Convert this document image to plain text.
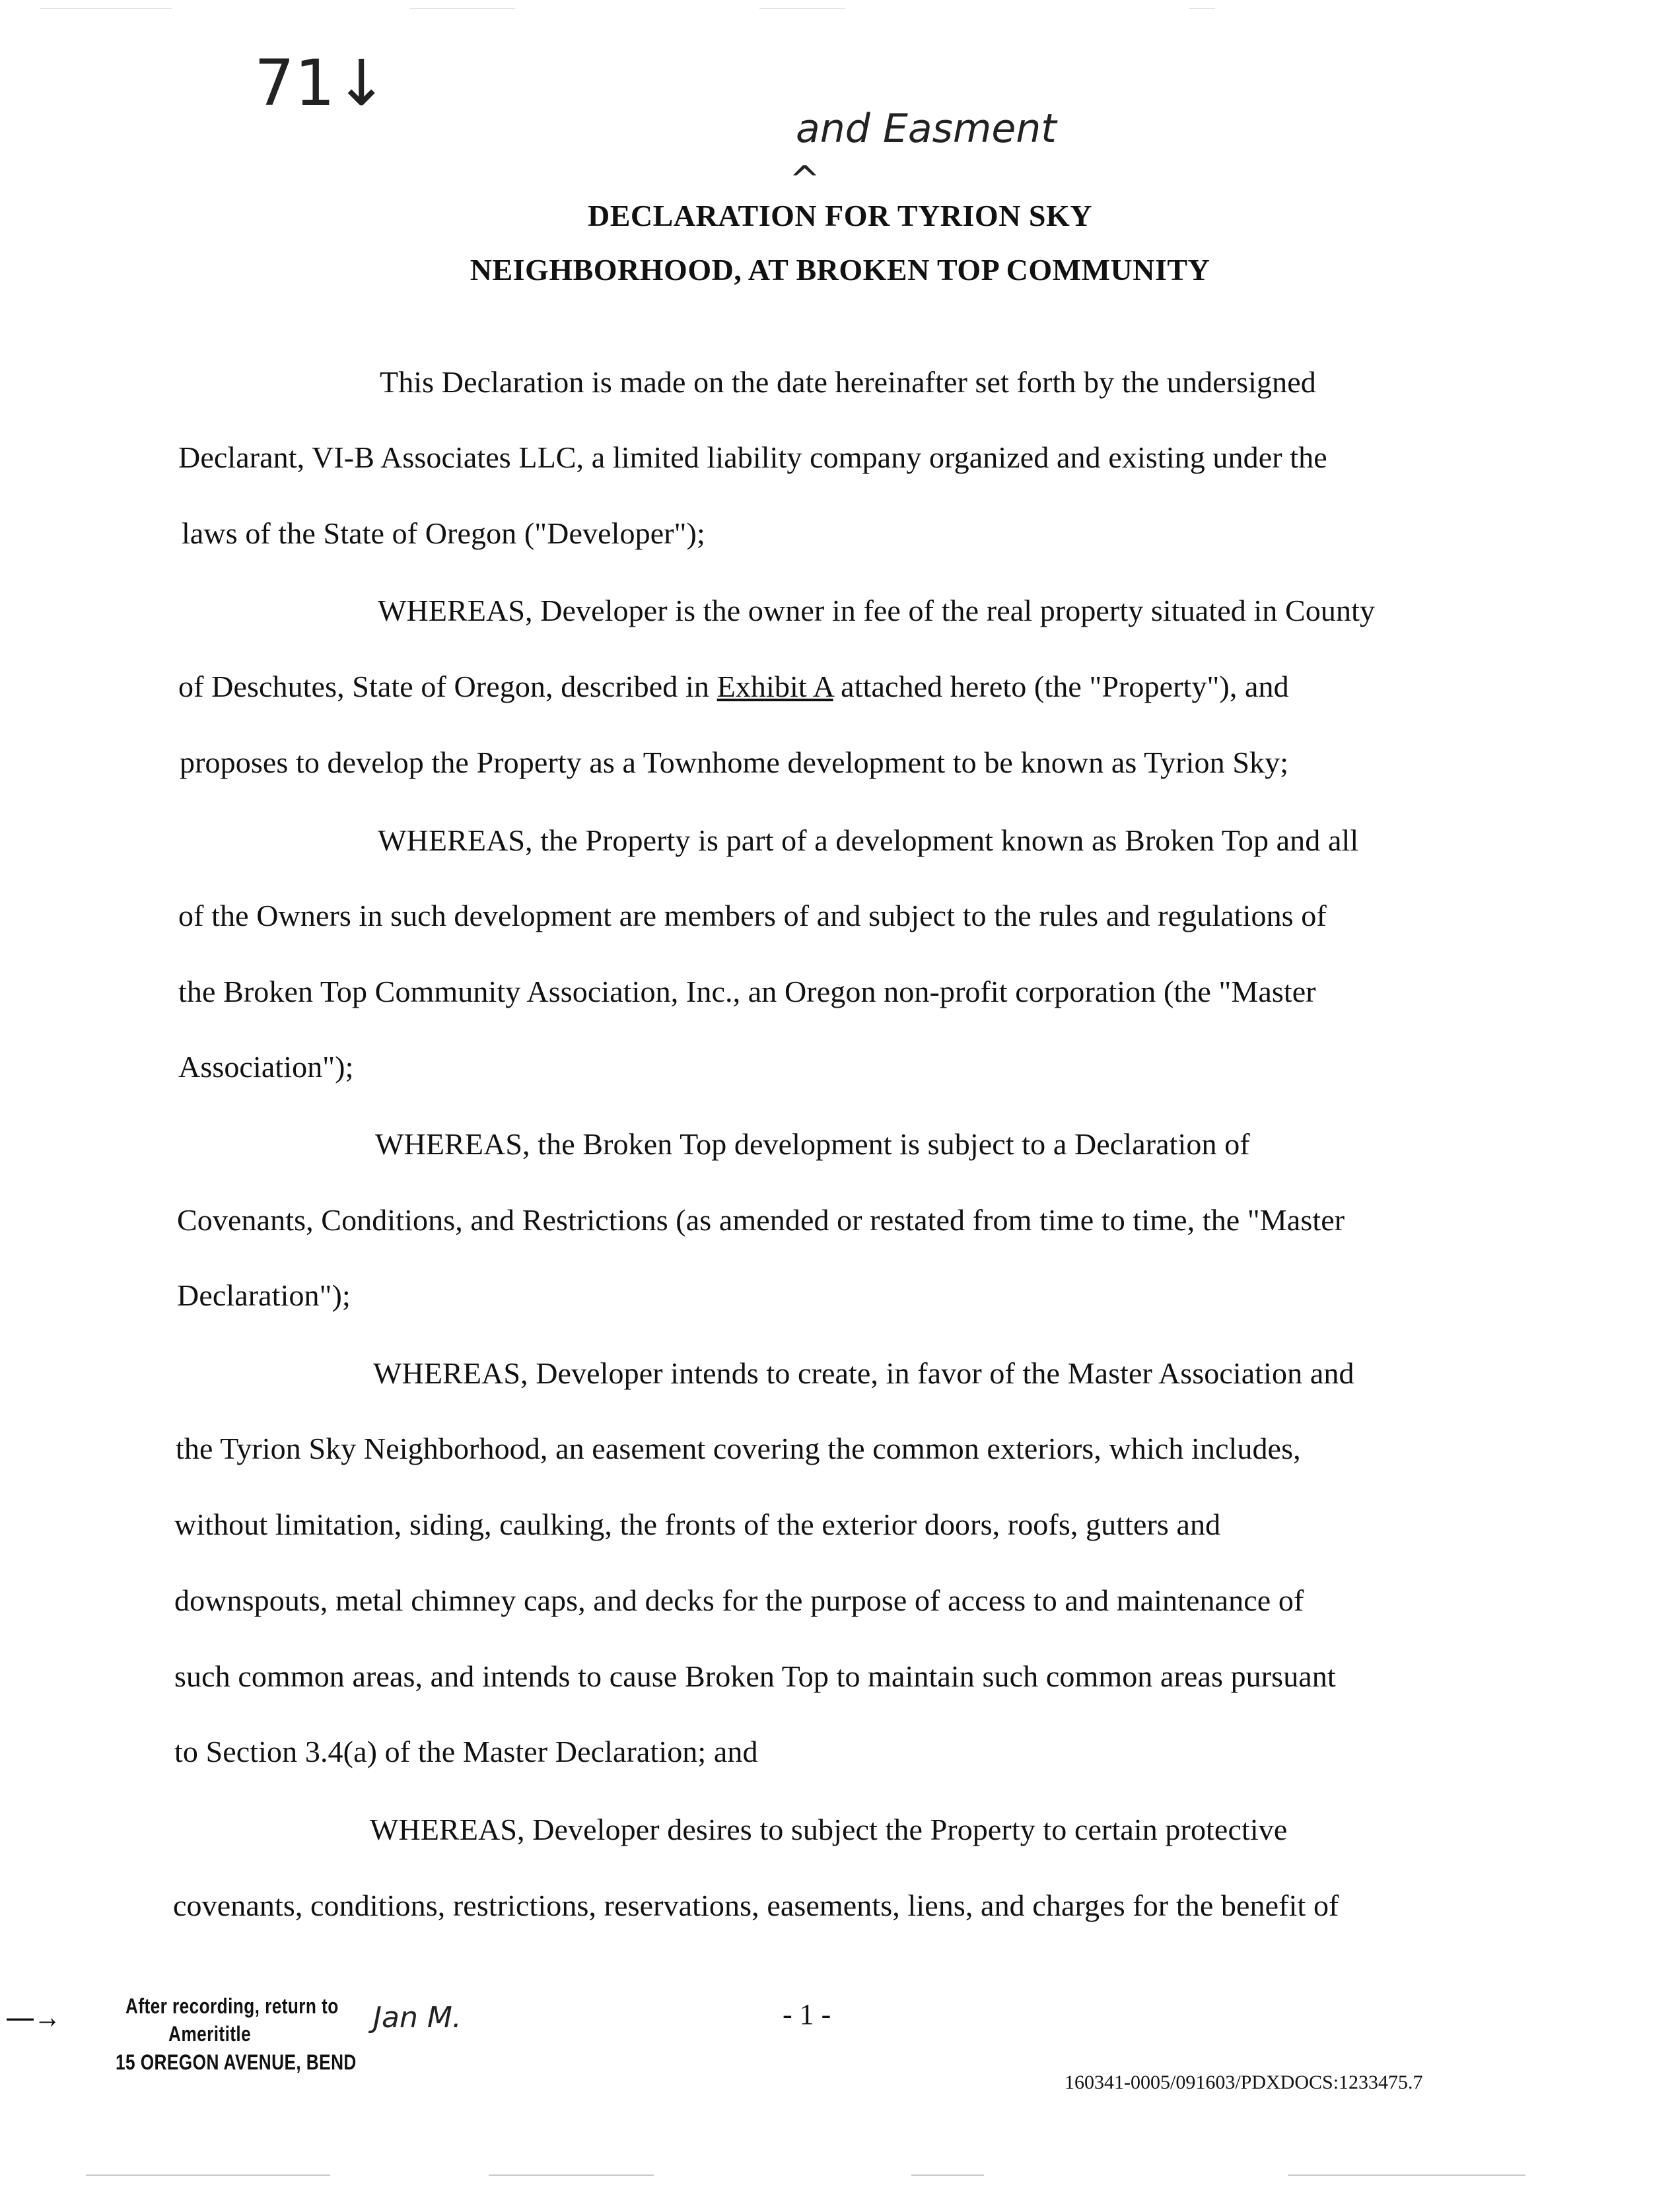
71↓
and Easment
^
DECLARATION FOR TYRION SKY
NEIGHBORHOOD, AT BROKEN TOP COMMUNITY
This Declaration is made on the date hereinafter set forth by the undersigned
Declarant, VI-B Associates LLC, a limited liability company organized and existing under the
laws of the State of Oregon ("Developer");
WHEREAS, Developer is the owner in fee of the real property situated in County
of Deschutes, State of Oregon, described in Exhibit A attached hereto (the "Property"), and
proposes to develop the Property as a Townhome development to be known as Tyrion Sky;
WHEREAS, the Property is part of a development known as Broken Top and all
of the Owners in such development are members of and subject to the rules and regulations of
the Broken Top Community Association, Inc., an Oregon non-profit corporation (the "Master
Association");
WHEREAS, the Broken Top development is subject to a Declaration of
Covenants, Conditions, and Restrictions (as amended or restated from time to time, the "Master
Declaration");
WHEREAS, Developer intends to create, in favor of the Master Association and
the Tyrion Sky Neighborhood, an easement covering the common exteriors, which includes,
without limitation, siding, caulking, the fronts of the exterior doors, roofs, gutters and
downspouts, metal chimney caps, and decks for the purpose of access to and maintenance of
such common areas, and intends to cause Broken Top to maintain such common areas pursuant
to Section 3.4(a) of the Master Declaration; and
WHEREAS, Developer desires to subject the Property to certain protective
covenants, conditions, restrictions, reservations, easements, liens, and charges for the benefit of
—→	After recording, return to
Amerititle
15 OREGON AVENUE, BEND
Jan M.	- 1 -
160341-0005/091603/PDXDOCS:1233475.7
